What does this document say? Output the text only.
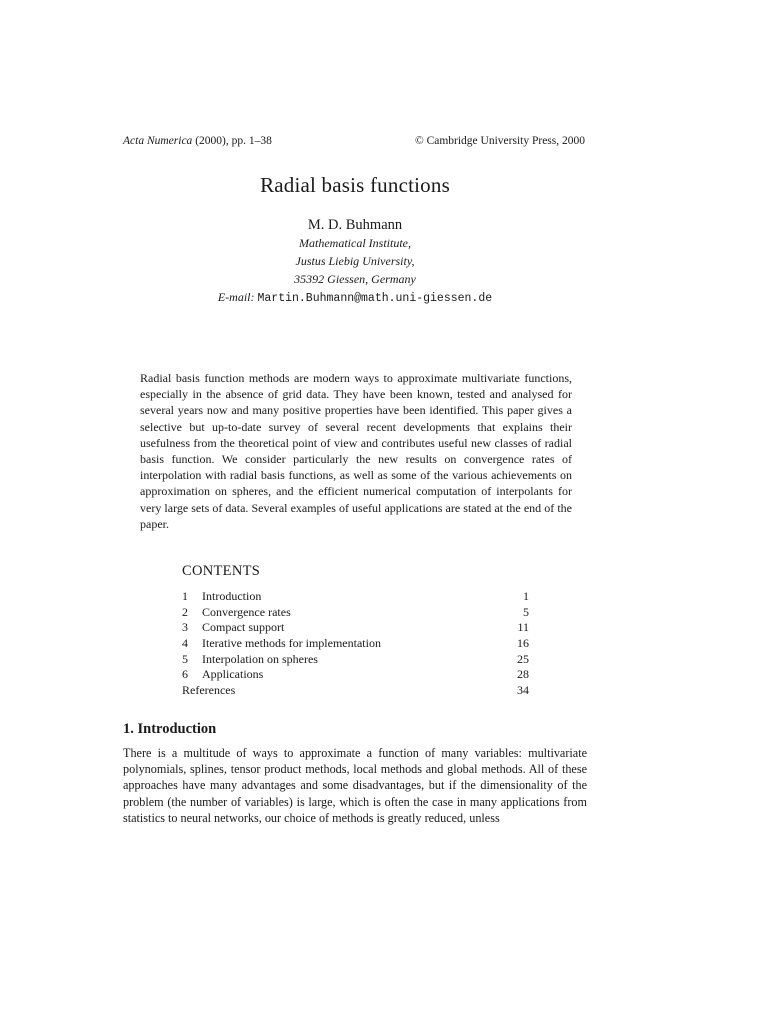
Acta Numerica (2000), pp. 1–38	© Cambridge University Press, 2000
Radial basis functions
M. D. Buhmann
Mathematical Institute,
Justus Liebig University,
35392 Giessen, Germany
E-mail: Martin.Buhmann@math.uni-giessen.de

Radial basis function methods are modern ways to approximate multivariate functions, especially in the absence of grid data. They have been known, tested and analysed for several years now and many positive properties have been identified. This paper gives a selective but up-to-date survey of several recent developments that explains their usefulness from the theoretical point of view and contributes useful new classes of radial basis function. We consider particularly the new results on convergence rates of interpolation with radial basis functions, as well as some of the various achievements on approximation on spheres, and the efficient numerical computation of interpolants for very large sets of data. Several examples of useful applications are stated at the end of the paper.

CONTENTS
1	Introduction	1
2	Convergence rates	5
3	Compact support	11
4	Iterative methods for implementation	16
5	Interpolation on spheres	25
6	Applications	28
References	34
1. Introduction

There is a multitude of ways to approximate a function of many variables: multivariate polynomials, splines, tensor product methods, local methods and global methods. All of these approaches have many advantages and some disadvantages, but if the dimensionality of the problem (the number of variables) is large, which is often the case in many applications from statistics to neural networks, our choice of methods is greatly reduced, unless
